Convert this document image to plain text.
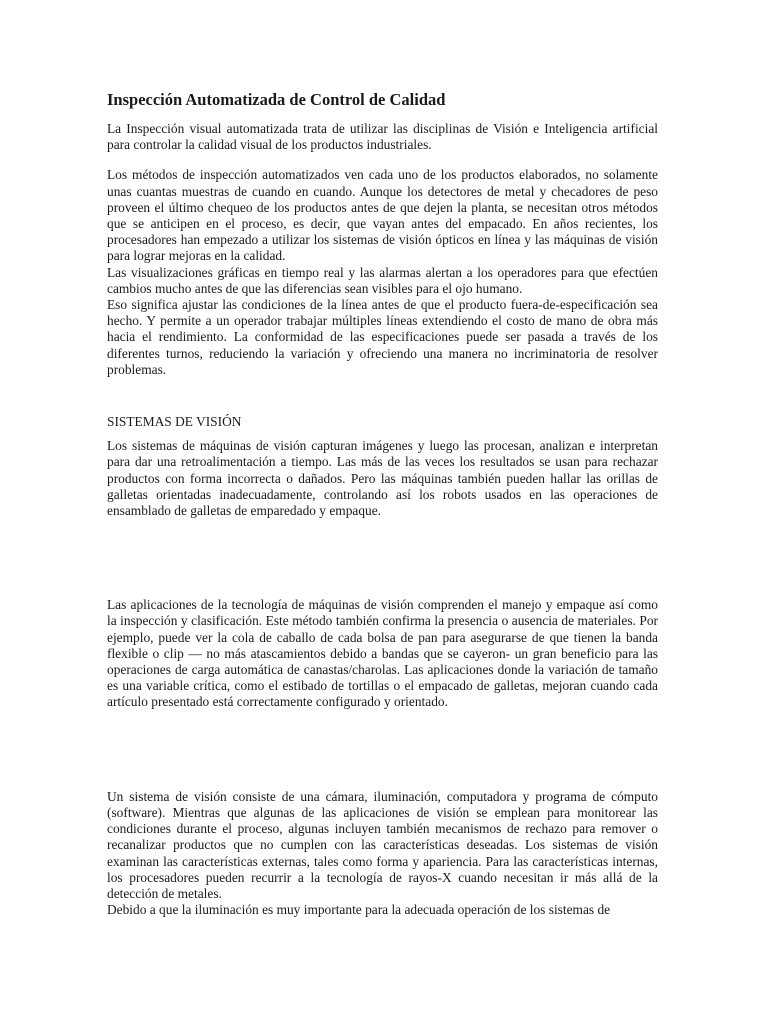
Inspección Automatizada de Control de Calidad

La Inspección visual automatizada trata de utilizar las disciplinas de Visión e Inteligencia artificial para controlar la calidad visual de los productos industriales.

Los métodos de inspección automatizados ven cada uno de los productos elaborados, no solamente unas cuantas muestras de cuando en cuando. Aunque los detectores de metal y checadores de peso proveen el último chequeo de los productos antes de que dejen la planta, se necesitan otros métodos que se anticipen en el proceso, es decir, que vayan antes del empacado. En años recientes, los procesadores han empezado a utilizar los sistemas de visión ópticos en línea y las máquinas de visión para lograr mejoras en la calidad.

Las visualizaciones gráficas en tiempo real y las alarmas alertan a los operadores para que efectúen cambios mucho antes de que las diferencias sean visibles para el ojo humano.

Eso significa ajustar las condiciones de la línea antes de que el producto fuera-de-especificación sea hecho. Y permite a un operador trabajar múltiples líneas extendiendo el costo de mano de obra más hacia el rendimiento. La conformidad de las especificaciones puede ser pasada a través de los diferentes turnos, reduciendo la variación y ofreciendo una manera no incriminatoria de resolver problemas.

SISTEMAS DE VISIÓN

Los sistemas de máquinas de visión capturan imágenes y luego las procesan, analizan e interpretan para dar una retroalimentación a tiempo. Las más de las veces los resultados se usan para rechazar productos con forma incorrecta o dañados. Pero las máquinas también pueden hallar las orillas de galletas orientadas inadecuadamente, controlando así los robots usados en las operaciones de ensamblado de galletas de emparedado y empaque.

Las aplicaciones de la tecnología de máquinas de visión comprenden el manejo y empaque así como la inspección y clasificación. Este método también confirma la presencia o ausencia de materiales. Por ejemplo, puede ver la cola de caballo de cada bolsa de pan para asegurarse de que tienen la banda flexible o clip — no más atascamientos debido a bandas que se cayeron- un gran beneficio para las operaciones de carga automática de canastas/charolas. Las aplicaciones donde la variación de tamaño es una variable crítica, como el estibado de tortillas o el empacado de galletas, mejoran cuando cada artículo presentado está correctamente configurado y orientado.

Un sistema de visión consiste de una cámara, iluminación, computadora y programa de cómputo (software). Mientras que algunas de las aplicaciones de visión se emplean para monitorear las condiciones durante el proceso, algunas incluyen también mecanismos de rechazo para remover o recanalizar productos que no cumplen con las características deseadas. Los sistemas de visión examinan las características externas, tales como forma y apariencia. Para las características internas, los procesadores pueden recurrir a la tecnología de rayos-X cuando necesitan ir más allá de la detección de metales.

Debido a que la iluminación es muy importante para la adecuada operación de los sistemas de
